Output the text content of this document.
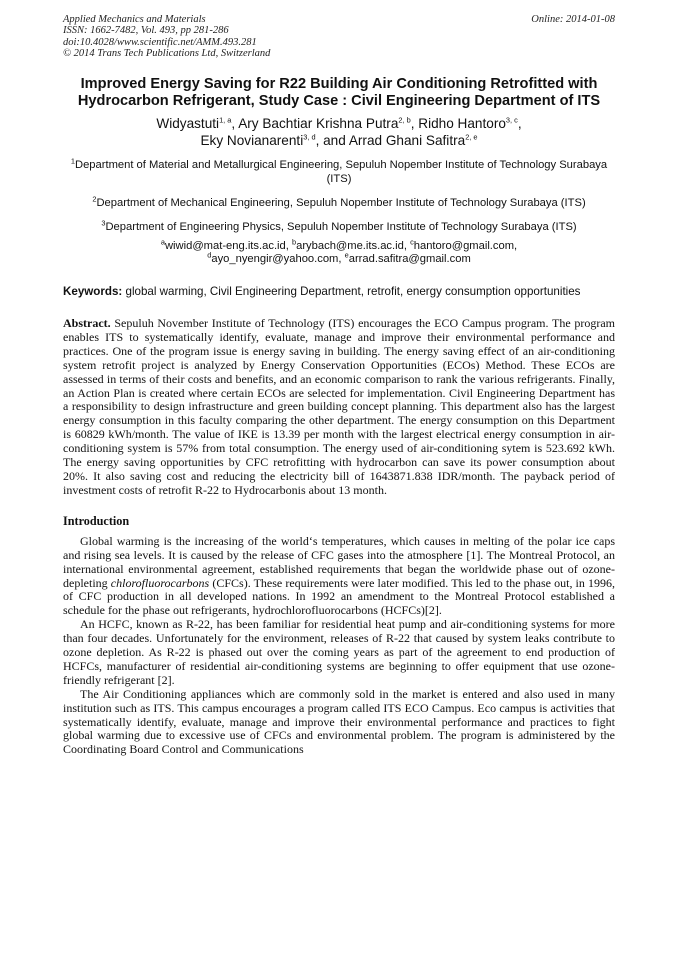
Applied Mechanics and Materials
ISSN: 1662-7482, Vol. 493, pp 281-286
doi:10.4028/www.scientific.net/AMM.493.281
© 2014 Trans Tech Publications Ltd, Switzerland
Online: 2014-01-08
Improved Energy Saving for R22 Building Air Conditioning Retrofitted with Hydrocarbon Refrigerant, Study Case : Civil Engineering Department of ITS
Widyastuti$^{1, a}$, Ary Bachtiar Krishna Putra$^{2, b}$, Ridho Hantoro$^{3, c}$,
Eky Novianarenti$^{3, d}$, and Arrad Ghani Safitra$^{2, e}$
$^1$Department of Material and Metallurgical Engineering, Sepuluh Nopember Institute of Technology Surabaya (ITS)
$^2$Department of Mechanical Engineering, Sepuluh Nopember Institute of Technology Surabaya (ITS)
$^3$Department of Engineering Physics, Sepuluh Nopember Institute of Technology Surabaya (ITS)
$^a$wiwid@mat-eng.its.ac.id, $^b$arybach@me.its.ac.id, $^c$hantoro@gmail.com,
$^d$ayo_nyengir@yahoo.com, $^e$arrad.safitra@gmail.com
Keywords: global warming, Civil Engineering Department, retrofit, energy consumption opportunities
Abstract. Sepuluh November Institute of Technology (ITS) encourages the ECO Campus program. The program enables ITS to systematically identify, evaluate, manage and improve their environmental performance and practices. One of the program issue is energy saving in building. The energy saving effect of an air-conditioning system retrofit project is analyzed by Energy Conservation Opportunities (ECOs) Method. These ECOs are assessed in terms of their costs and benefits, and an economic comparison to rank the various refrigerants. Finally, an Action Plan is created where certain ECOs are selected for implementation. Civil Engineering Department has a responsibility to design infrastructure and green building concept planning. This department also has the largest energy consumption in this faculty comparing the other department. The energy consumption on this Department is 60829 kWh/month. The value of IKE is 13.39 per month with the largest electrical energy consumption in air-conditioning system is 57% from total consumption. The energy used of air-conditioning sytem is 523.692 kWh. The energy saving opportunities by CFC retrofitting with hydrocarbon can save its power consumption about 20%. It also saving cost and reducing the electricity bill of 1643871.838 IDR/month. The payback period of investment costs of retrofit R-22 to Hydrocarbonis about 13 month.
Introduction

Global warming is the increasing of the world‘s temperatures, which causes in melting of the polar ice caps and rising sea levels. It is caused by the release of CFC gases into the atmosphere [1]. The Montreal Protocol, an international environmental agreement, established requirements that began the worldwide phase out of ozone-depleting chlorofluorocarbons (CFCs). These requirements were later modified. This led to the phase out, in 1996, of CFC production in all developed nations. In 1992 an amendment to the Montreal Protocol established a schedule for the phase out refrigerants, hydrochlorofluorocarbons (HCFCs)[2].

An HCFC, known as R-22, has been familiar for residential heat pump and air-conditioning systems for more than four decades. Unfortunately for the environment, releases of R-22 that caused by system leaks contribute to ozone depletion. As R-22 is phased out over the coming years as part of the agreement to end production of HCFCs, manufacturer of residential air-conditioning systems are beginning to offer equipment that use ozone-friendly refrigerant [2].

The Air Conditioning appliances which are commonly sold in the market is entered and also used in many institution such as ITS. This campus encourages a program called ITS ECO Campus. Eco campus is activities that systematically identify, evaluate, manage and improve their environmental performance and practices to fight global warming due to excessive use of CFCs and environmental problem. The program is administered by the Coordinating Board Control and Communications
